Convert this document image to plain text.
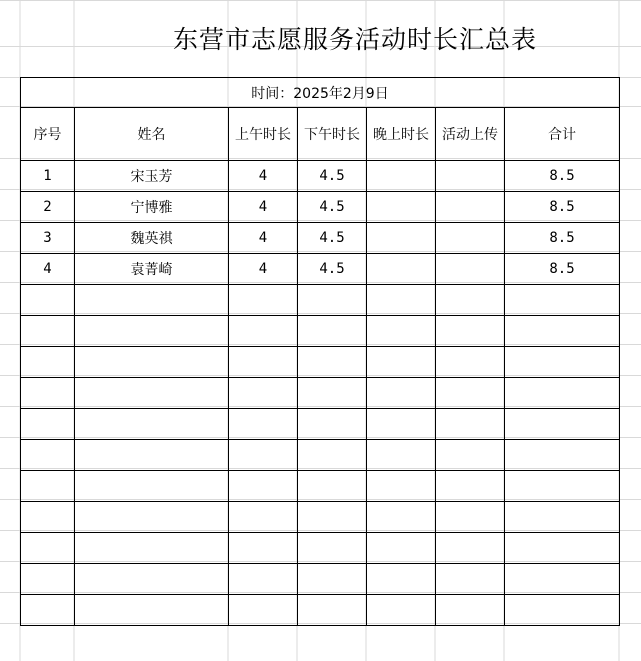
东营市志愿服务活动时长汇总表
时间：2025年2月9日						
序号	姓名	上午时长	下午时长	晚上时长	活动上传	合计
1	宋玉芳	4	4.5			8.5
2	宁博雅	4	4.5			8.5
3	魏英祺	4	4.5			8.5
4	袁菁崎	4	4.5			8.5
